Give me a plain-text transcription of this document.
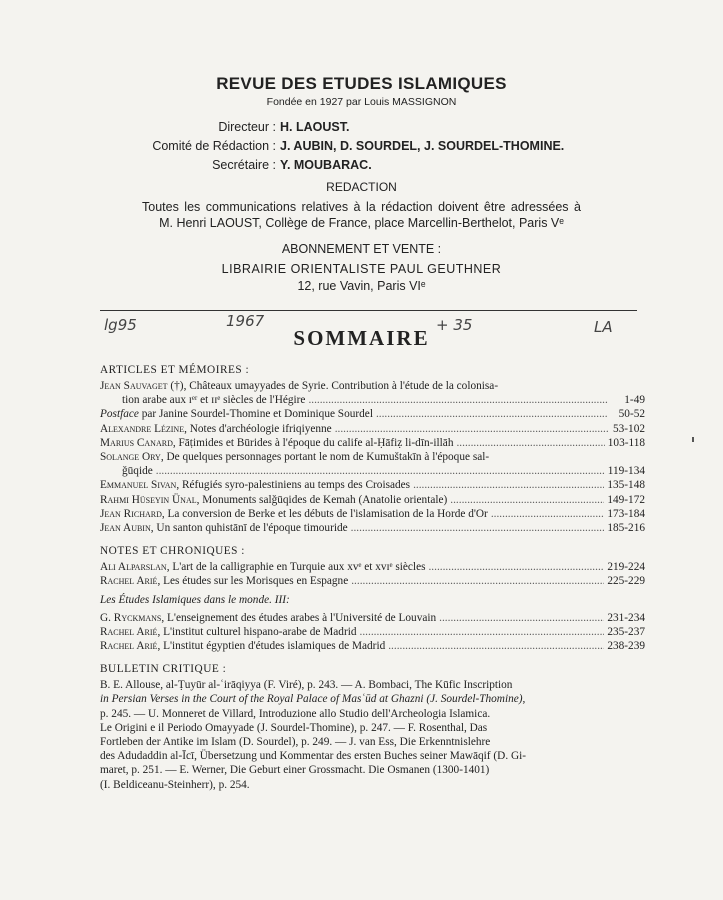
REVUE DES ETUDES ISLAMIQUES
Fondée en 1927 par Louis MASSIGNON
Directeur : H. LAOUST.
Comité de Rédaction : J. AUBIN, D. SOURDEL, J. SOURDEL-THOMINE.
Secrétaire : Y. MOUBARAC.
REDACTION
Toutes les communications relatives à la rédaction doivent être adressées à
M. Henri LAOUST, Collège de France, place Marcellin-Berthelot, Paris Vᵉ
ABONNEMENT ET VENTE :
LIBRAIRIE ORIENTALISTE PAUL GEUTHNER
12, rue Vavin, Paris VIᵉ
lg95	1967	+ 35	LA
SOMMAIRE
ARTICLES ET MÉMOIRES :
Jean Sauvaget (†), Châteaux umayyades de Syrie. Contribution à l'étude de la colonisa-
tion arabe aux ɪᵉʳ et ɪɪᵉ siècles de l'Hégire .....	1-49
Postface par Janine Sourdel-Thomine et Dominique Sourdel .....	50-52
Alexandre Lézine, Notes d'archéologie ifriqiyenne .....	53-102
Marius Canard, Fāṭimides et Būrides à l'époque du calife al-Ḥāfiẓ li-dīn-illāh .....	103-118
Solange Ory, De quelques personnages portant le nom de Kumuštakīn à l'époque sal-
ǧūqide .....	119-134
Emmanuel Sivan, Réfugiés syro-palestiniens au temps des Croisades .....	135-148
Rahmi Hüseyin Ünal, Monuments salǧūqides de Kemah (Anatolie orientale) .....	149-172
Jean Richard, La conversion de Berke et les débuts de l'islamisation de la Horde d'Or .....	173-184
Jean Aubin, Un santon quhistānī de l'époque timouride .....	185-216
NOTES ET CHRONIQUES :
Ali Alparslan, L'art de la calligraphie en Turquie aux xvᵉ et xvɪᵉ siècles .....	219-224
Rachel Arié, Les études sur les Morisques en Espagne .....	225-229
Les Études Islamiques dans le monde. III:
G. Ryckmans, L'enseignement des études arabes à l'Université de Louvain .....	231-234
Rachel Arié, L'institut culturel hispano-arabe de Madrid .....	235-237
Rachel Arié, L'institut égyptien d'études islamiques de Madrid .....	238-239
BULLETIN CRITIQUE :
B. E. Allouse, al-Ṭuyūr al-ʿirāqiyya (F. Viré), p. 243. — A. Bombaci, The Kūfic Inscription
in Persian Verses in the Court of the Royal Palace of Masʿūd at Ghazni (J. Sourdel-Thomine),
p. 245. — U. Monneret de Villard, Introduzione allo Studio dell'Archeologia Islamica.
Le Origini e il Periodo Omayyade (J. Sourdel-Thomine), p. 247. — F. Rosenthal, Das
Fortleben der Antike im Islam (D. Sourdel), p. 249. — J. van Ess, Die Erkenntnislehre
des Adudaddin al-Īcī, Übersetzung und Kommentar des ersten Buches seiner Mawāqif (D. Gi-
maret, p. 251. — E. Werner, Die Geburt einer Grossmacht. Die Osmanen (1300-1401)
(I. Beldiceanu-Steinherr), p. 254.
